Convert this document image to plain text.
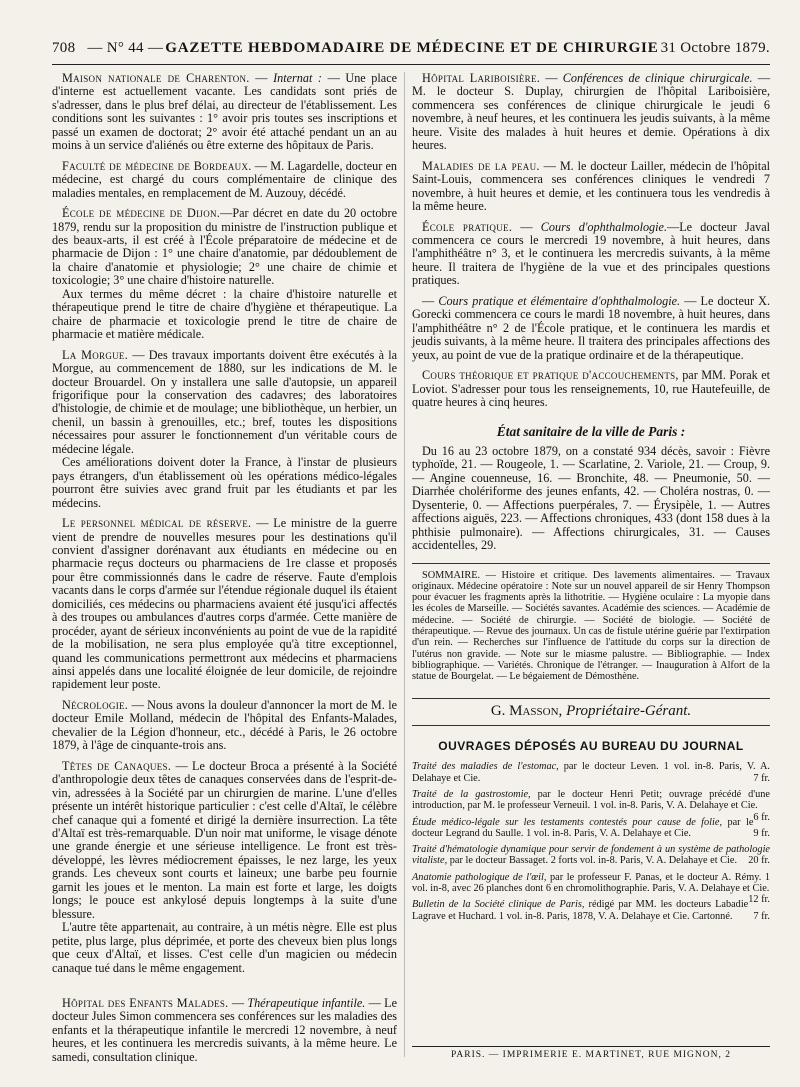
708 — N° 44 — GAZETTE HEBDOMADAIRE DE MÉDECINE ET DE CHIRURGIE 31 Octobre 1879.

Maison nationale de Charenton. — Internat : — Une place d'interne est actuellement vacante. Les candidats sont priés de s'adresser, dans le plus bref délai, au directeur de l'établissement. Les conditions sont les suivantes : 1° avoir pris toutes ses inscriptions et passé un examen de doctorat; 2° avoir été attaché pendant un an au moins à un service d'aliénés ou être externe des hôpitaux de Paris.

Faculté de médecine de Bordeaux. — M. Lagardelle, docteur en médecine, est chargé du cours complémentaire de clinique des maladies mentales, en remplacement de M. Auzouy, décédé.

École de médecine de Dijon.—Par décret en date du 20 octobre 1879, rendu sur la proposition du ministre de l'instruction publique et des beaux-arts, il est créé à l'École préparatoire de médecine et de pharmacie de Dijon : 1° une chaire d'anatomie, par dédoublement de la chaire d'anatomie et physiologie; 2° une chaire de chimie et toxicologie; 3° une chaire d'histoire naturelle.

Aux termes du même décret : la chaire d'histoire naturelle et thérapeutique prend le titre de chaire d'hygiène et thérapeutique. La chaire de pharmacie et toxicologie prend le titre de chaire de pharmacie et matière médicale.

La Morgue. — Des travaux importants doivent être exécutés à la Morgue, au commencement de 1880, sur les indications de M. le docteur Brouardel. On y installera une salle d'autopsie, un appareil frigorifique pour la conservation des cadavres; des laboratoires d'histologie, de chimie et de moulage; une bibliothèque, un herbier, un chenil, un bassin à grenouilles, etc.; bref, toutes les dispositions nécessaires pour assurer le fonctionnement d'un véritable cours de médecine légale.

Ces améliorations doivent doter la France, à l'instar de plusieurs pays étrangers, d'un établissement où les opérations médico-légales pourront être suivies avec grand fruit par les étudiants et par les médecins.

Le personnel médical de réserve. — Le ministre de la guerre vient de prendre de nouvelles mesures pour les destinations qu'il convient d'assigner dorénavant aux étudiants en médecine ou en pharmacie reçus docteurs ou pharmaciens de 1re classe et proposés pour être commissionnés dans le cadre de réserve. Faute d'emplois vacants dans le corps d'armée sur l'étendue régionale duquel ils étaient domiciliés, ces médecins ou pharmaciens avaient été jusqu'ici affectés à des troupes ou ambulances d'autres corps d'armée. Cette manière de procéder, ayant de sérieux inconvénients au point de vue de la rapidité de la mobilisation, ne sera plus employée qu'à titre exceptionnel, quand les communications permettront aux médecins et pharmaciens ainsi appelés dans une localité éloignée de leur domicile, de rejoindre rapidement leur poste.

Nécrologie. — Nous avons la douleur d'annoncer la mort de M. le docteur Emile Molland, médecin de l'hôpital des Enfants-Malades, chevalier de la Légion d'honneur, etc., décédé à Paris, le 26 octobre 1879, à l'âge de cinquante-trois ans.

Têtes de Canaques. — Le docteur Broca a présenté à la Société d'anthropologie deux têtes de canaques conservées dans de l'esprit-de-vin, adressées à la Société par un chirurgien de marine. L'une d'elles présente un intérêt historique particulier : c'est celle d'Altaï, le célèbre chef canaque qui a fomenté et dirigé la dernière insurrection. La tête d'Altaï est très-remarquable. D'un noir mat uniforme, le visage dénote une grande énergie et une sérieuse intelligence. Le front est très-développé, les lèvres médiocrement épaisses, le nez large, les yeux grands. Les cheveux sont courts et laineux; une barbe peu fournie garnit les joues et le menton. La main est forte et large, les doigts longs; le pouce est ankylosé depuis longtemps à la suite d'une blessure.

L'autre tête appartenait, au contraire, à un métis nègre. Elle est plus petite, plus large, plus déprimée, et porte des cheveux bien plus longs que ceux d'Altaï, et lisses. C'est celle d'un magicien ou médecin canaque tué dans le même engagement.

Hôpital des Enfants Malades. — Thérapeutique infantile. — Le docteur Jules Simon commencera ses conférences sur les maladies des enfants et la thérapeutique infantile le mercredi 12 novembre, à neuf heures, et les continuera les mercredis suivants, à la même heure. Le samedi, consultation clinique.

Hôpital Lariboisière. — Conférences de clinique chirurgicale. — M. le docteur S. Duplay, chirurgien de l'hôpital Lariboisière, commencera ses conférences de clinique chirurgicale le jeudi 6 novembre, à neuf heures, et les continuera les jeudis suivants, à la même heure. Visite des malades à huit heures et demie. Opérations à dix heures.

Maladies de la peau. — M. le docteur Lailler, médecin de l'hôpital Saint-Louis, commencera ses conférences cliniques le vendredi 7 novembre, à huit heures et demie, et les continuera tous les vendredis à la même heure.

École pratique. — Cours d'ophthalmologie.—Le docteur Javal commencera ce cours le mercredi 19 novembre, à huit heures, dans l'amphithéâtre n° 3, et le continuera les mercredis suivants, à la même heure. Il traitera de l'hygiène de la vue et des principales questions pratiques.

— Cours pratique et élémentaire d'ophthalmologie. — Le docteur X. Gorecki commencera ce cours le mardi 18 novembre, à huit heures, dans l'amphithéâtre n° 2 de l'École pratique, et le continuera les mardis et jeudis suivants, à la même heure. Il traitera des principales affections des yeux, au point de vue de la pratique ordinaire et de la thérapeutique.

Cours théorique et pratique d'accouchements, par MM. Porak et Loviot. S'adresser pour tous les renseignements, 10, rue Hautefeuille, de quatre heures à cinq heures.

État sanitaire de la ville de Paris :

Du 16 au 23 octobre 1879, on a constaté 934 décès, savoir : Fièvre typhoïde, 21. — Rougeole, 1. — Scarlatine, 2. Variole, 21. — Croup, 9. — Angine couenneuse, 16. — Bronchite, 48. — Pneumonie, 50. — Diarrhée cholériforme des jeunes enfants, 42. — Choléra nostras, 0. — Dysenterie, 0. — Affections puerpérales, 7. — Érysipèle, 1. — Autres affections aiguës, 223. — Affections chroniques, 433 (dont 158 dues à la phthisie pulmonaire). — Affections chirurgicales, 31. — Causes accidentelles, 29.

SOMMAIRE. — Histoire et critique. Des lavements alimentaires. — Travaux originaux. Médecine opératoire : Note sur un nouvel appareil de sir Henry Thompson pour évacuer les fragments après la lithotritie. — Hygiène oculaire : La myopie dans les écoles de Marseille. — Sociétés savantes. Académie des sciences. — Académie de médecine. — Société de chirurgie. — Société de biologie. — Société de thérapeutique. — Revue des journaux. Un cas de fistule utérine guérie par l'extirpation d'un rein. — Recherches sur l'influence de l'attitude du corps sur la direction de l'utérus non gravide. — Note sur le miasme palustre. — Bibliographie. — Index bibliographique. — Variétés. Chronique de l'étranger. — Inauguration à Alfort de la statue de Bourgelat. — Le bégaiement de Démosthène.

G. Masson, Propriétaire-Gérant.
OUVRAGES DÉPOSÉS AU BUREAU DU JOURNAL

Traité des maladies de l'estomac, par le docteur Leven. 1 vol. in-8. Paris, V. A. Delahaye et Cie.	7 fr.

Traité de la gastrostomie, par le docteur Henri Petit; ouvrage précédé d'une introduction, par M. le professeur Verneuil. 1 vol. in-8. Paris, V. A. Delahaye et Cie.
6 fr.

Étude médico-légale sur les testaments contestés pour cause de folie, par le docteur Legrand du Saulle. 1 vol. in-8. Paris, V. A. Delahaye et Cie.	9 fr.

Traité d'hématologie dynamique pour servir de fondement à un système de pathologie vitaliste, par le docteur Bassaget. 2 forts vol. in-8. Paris, V. A. Delahaye et Cie. 20 fr.

Anatomie pathologique de l'œil, par le professeur F. Panas, et le docteur A. Rémy. 1 vol. in-8, avec 26 planches dont 6 en chromolithographie. Paris, V. A. Delahaye et Cie.
12 fr.

Bulletin de la Société clinique de Paris, rédigé par MM. les docteurs Labadie Lagrave et Huchard. 1 vol. in-8. Paris, 1878, V. A. Delahaye et Cie. Cartonné. 7 fr.

PARIS. — IMPRIMERIE E. MARTINET, RUE MIGNON, 2
